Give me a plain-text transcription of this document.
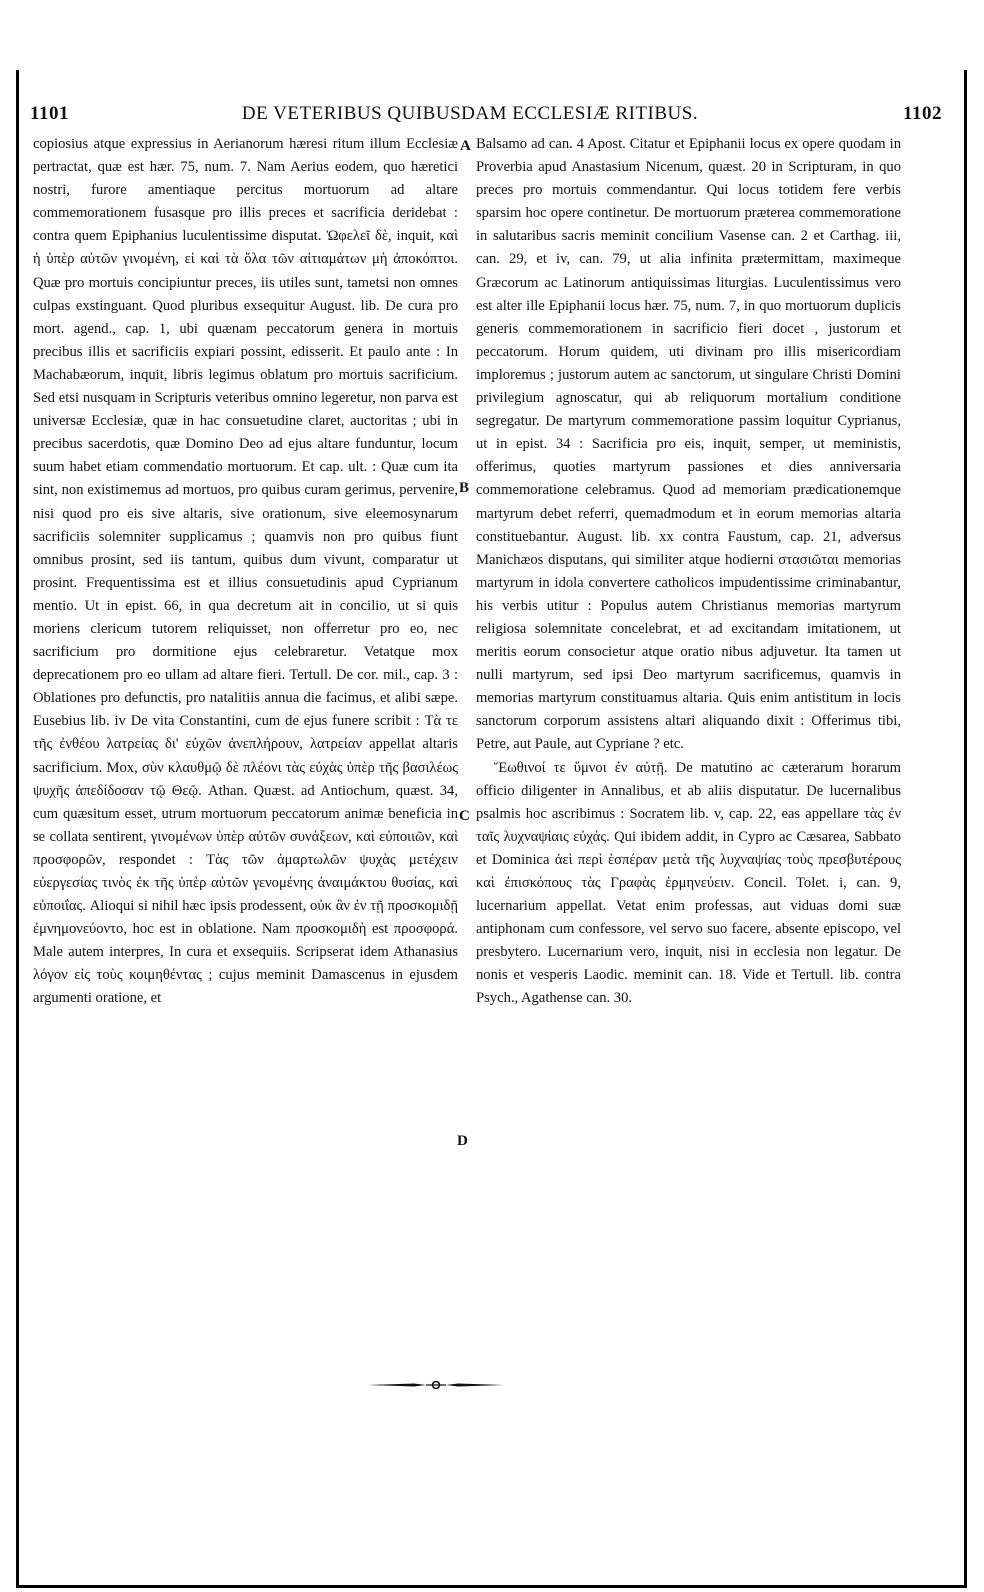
1101	DE VETERIBUS QUIBUSDAM ECCLESIÆ RITIBUS.	1102

copiosius atque expressius in Aerianorum hæresi ritum illum Ecclesiæ pertractat, quæ est hær. 75, num. 7. Nam Aerius eodem, quo hæretici nostri, furore amentiaque percitus mortuorum ad altare commemorationem fusasque pro illis preces et sacrificia deridebat : contra quem Epiphanius luculentissime disputat. Ὠφελεῖ δὲ, inquit, καὶ ἡ ὑπὲρ αὐτῶν γινομένη, εἰ καὶ τὰ ὅλα τῶν αἰτιαμάτων μὴ ἀποκόπτοι. Quæ pro mortuis concipiuntur preces, iis utiles sunt, tametsi non omnes culpas exstinguant. Quod pluribus exsequitur August. lib. De cura pro mort. agend., cap. 1, ubi quænam peccatorum genera in mortuis precibus illis et sacrificiis expiari possint, edisserit. Et paulo ante : In Machabæorum, inquit, libris legimus oblatum pro mortuis sacrificium. Sed etsi nusquam in Scripturis veteribus omnino legeretur, non parva est universæ Ecclesiæ, quæ in hac consuetudine claret, auctoritas ; ubi in precibus sacerdotis, quæ Domino Deo ad ejus altare funduntur, locum suum habet etiam commendatio mortuorum. Et cap. ult. : Quæ cum ita sint, non existimemus ad mortuos, pro quibus curam gerimus, pervenire, nisi quod pro eis sive altaris, sive orationum, sive eleemosynarum sacrificiis solemniter supplicamus ; quamvis non pro quibus fiunt omnibus prosint, sed iis tantum, quibus dum vivunt, comparatur ut prosint. Frequentissima est et illius consuetudinis apud Cyprianum mentio. Ut in epist. 66, in qua decretum ait in concilio, ut si quis moriens clericum tutorem reliquisset, non offerretur pro eo, nec sacrificium pro dormitione ejus celebraretur. Vetatque mox deprecationem pro eo ullam ad altare fieri. Tertull. De cor. mil., cap. 3 : Oblationes pro defunctis, pro natalitiis annua die facimus, et alibi sæpe. Eusebius lib. iv De vita Constantini, cum de ejus funere scribit : Τὰ τε τῆς ἐνθέου λατρείας δι' εὐχῶν ἀνεπλήρουν, λατρείαν appellat altaris sacrificium. Mox, σὺν κλαυθμῷ δὲ πλέονι τὰς εὐχὰς ὑπὲρ τῆς βασιλέως ψυχῆς ἀπεδίδοσαν τῷ Θεῷ. Athan. Quæst. ad Antiochum, quæst. 34, cum quæsitum esset, utrum mortuorum peccatorum animæ beneficia in se collata sentirent, γινομένων ὑπὲρ αὐτῶν συνάξεων, καὶ εὐποιιῶν, καὶ προσφορῶν, respondet : Τὰς τῶν ἁμαρτωλῶν ψυχὰς μετέχειν εὐεργεσίας τινὸς ἐκ τῆς ὑπὲρ αὐτῶν γενομένης ἀναιμάκτου θυσίας, καὶ εὐποιΐας. Alioqui si nihil hæc ipsis prodessent, οὐκ ἂν ἐν τῇ προσκομιδῇ ἐμνημονεύοντο, hoc est in oblatione. Nam προσκομιδὴ est προσφορά. Male autem interpres, In cura et exsequiis. Scripserat idem Athanasius λόγον εἰς τοὺς κοιμηθέντας ; cujus meminit Damascenus in ejusdem argumenti oratione, et

Balsamo ad can. 4 Apost. Citatur et Epiphanii locus ex opere quodam in Proverbia apud Anastasium Nicenum, quæst. 20 in Scripturam, in quo preces pro mortuis commendantur. Qui locus totidem fere verbis sparsim hoc opere continetur. De mortuorum præterea commemoratione in salutaribus sacris meminit concilium Vasense can. 2 et Carthag. iii, can. 29, et iv, can. 79, ut alia infinita prætermittam, maximeque Græcorum ac Latinorum antiquissimas liturgias. Luculentissimus vero est alter ille Epiphanii locus hær. 75, num. 7, in quo mortuorum duplicis generis commemorationem in sacrificio fieri docet , justorum et peccatorum. Horum quidem, uti divinam pro illis misericordiam imploremus ; justorum autem ac sanctorum, ut singulare Christi Domini privilegium agnoscatur, qui ab reliquorum mortalium conditione segregatur. De martyrum commemoratione passim loquitur Cyprianus, ut in epist. 34 : Sacrificia pro eis, inquit, semper, ut meministis, offerimus, quoties martyrum passiones et dies anniversaria commemoratione celebramus. Quod ad memoriam prædicationemque martyrum debet referri, quemadmodum et in eorum memorias altaria constituebantur. August. lib. xx contra Faustum, cap. 21, adversus Manichæos disputans, qui similiter atque hodierni στασιῶται memorias martyrum in idola convertere catholicos impudentissime criminabantur, his verbis utitur : Populus autem Christianus memorias martyrum religiosa solemnitate concelebrat, et ad excitandam imitationem, ut meritis eorum consocietur atque oratio nibus adjuvetur. Ita tamen ut nulli martyrum, sed ipsi Deo martyrum sacrificemus, quamvis in memorias martyrum constituamus altaria. Quis enim antistitum in locis sanctorum corporum assistens altari aliquando dixit : Offerimus tibi, Petre, aut Paule, aut Cypriane ? etc.

Ἕωθινοί τε ὕμνοι ἐν αὐτῇ. De matutino ac cæterarum horarum officio diligenter in Annalibus, et ab aliis disputatur. De lucernalibus psalmis hoc ascribimus : Socratem lib. v, cap. 22, eas appellare τὰς ἐν ταῖς λυχναψίαις εὐχάς. Qui ibidem addit, in Cypro ac Cæsarea, Sabbato et Dominica ἀεὶ περὶ ἑσπέραν μετὰ τῆς λυχναψίας τοὺς πρεσβυτέρους καὶ ἐπισκόπους τὰς Γραφὰς ἑρμηνεύειν. Concil. Tolet. i, can. 9, lucernarium appellat. Vetat enim professas, aut viduas domi suæ antiphonam cum confessore, vel servo suo facere, absente episcopo, vel presbytero. Lucernarium vero, inquit, nisi in ecclesia non legatur. De nonis et vesperis Laodic. meminit can. 18. Vide et Tertull. lib. contra Psych., Agathense can. 30.

A
B
C
D
